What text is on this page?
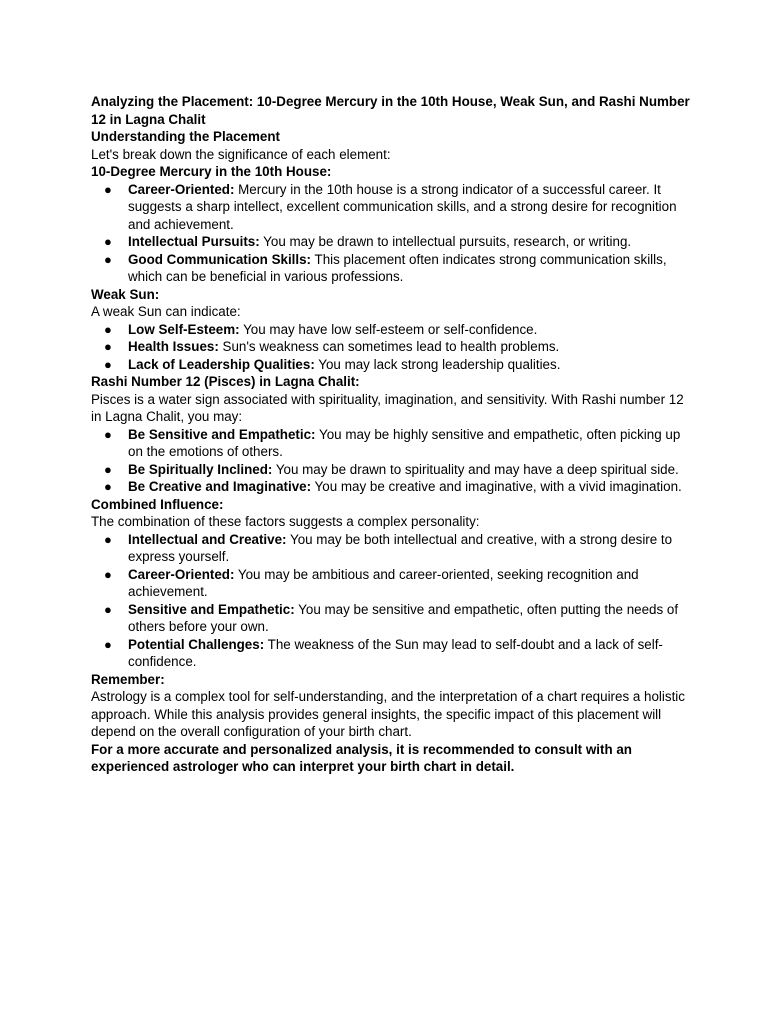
Analyzing the Placement: 10-Degree Mercury in the 10th House, Weak Sun, and Rashi Number 12 in Lagna Chalit

Understanding the Placement

Let's break down the significance of each element:

10-Degree Mercury in the 10th House:

● Career-Oriented: Mercury in the 10th house is a strong indicator of a successful career. It suggests a sharp intellect, excellent communication skills, and a strong desire for recognition and achievement.
● Intellectual Pursuits: You may be drawn to intellectual pursuits, research, or writing.
● Good Communication Skills: This placement often indicates strong communication skills, which can be beneficial in various professions.

Weak Sun:

A weak Sun can indicate:

● Low Self-Esteem: You may have low self-esteem or self-confidence.
● Health Issues: Sun's weakness can sometimes lead to health problems.
● Lack of Leadership Qualities: You may lack strong leadership qualities.

Rashi Number 12 (Pisces) in Lagna Chalit:

Pisces is a water sign associated with spirituality, imagination, and sensitivity. With Rashi number 12 in Lagna Chalit, you may:

● Be Sensitive and Empathetic: You may be highly sensitive and empathetic, often picking up on the emotions of others.
● Be Spiritually Inclined: You may be drawn to spirituality and may have a deep spiritual side.
● Be Creative and Imaginative: You may be creative and imaginative, with a vivid imagination.

Combined Influence:

The combination of these factors suggests a complex personality:

● Intellectual and Creative: You may be both intellectual and creative, with a strong desire to express yourself.
● Career-Oriented: You may be ambitious and career-oriented, seeking recognition and achievement.
● Sensitive and Empathetic: You may be sensitive and empathetic, often putting the needs of others before your own.
● Potential Challenges: The weakness of the Sun may lead to self-doubt and a lack of self-confidence.

Remember:

Astrology is a complex tool for self-understanding, and the interpretation of a chart requires a holistic approach. While this analysis provides general insights, the specific impact of this placement will depend on the overall configuration of your birth chart.

For a more accurate and personalized analysis, it is recommended to consult with an experienced astrologer who can interpret your birth chart in detail.
